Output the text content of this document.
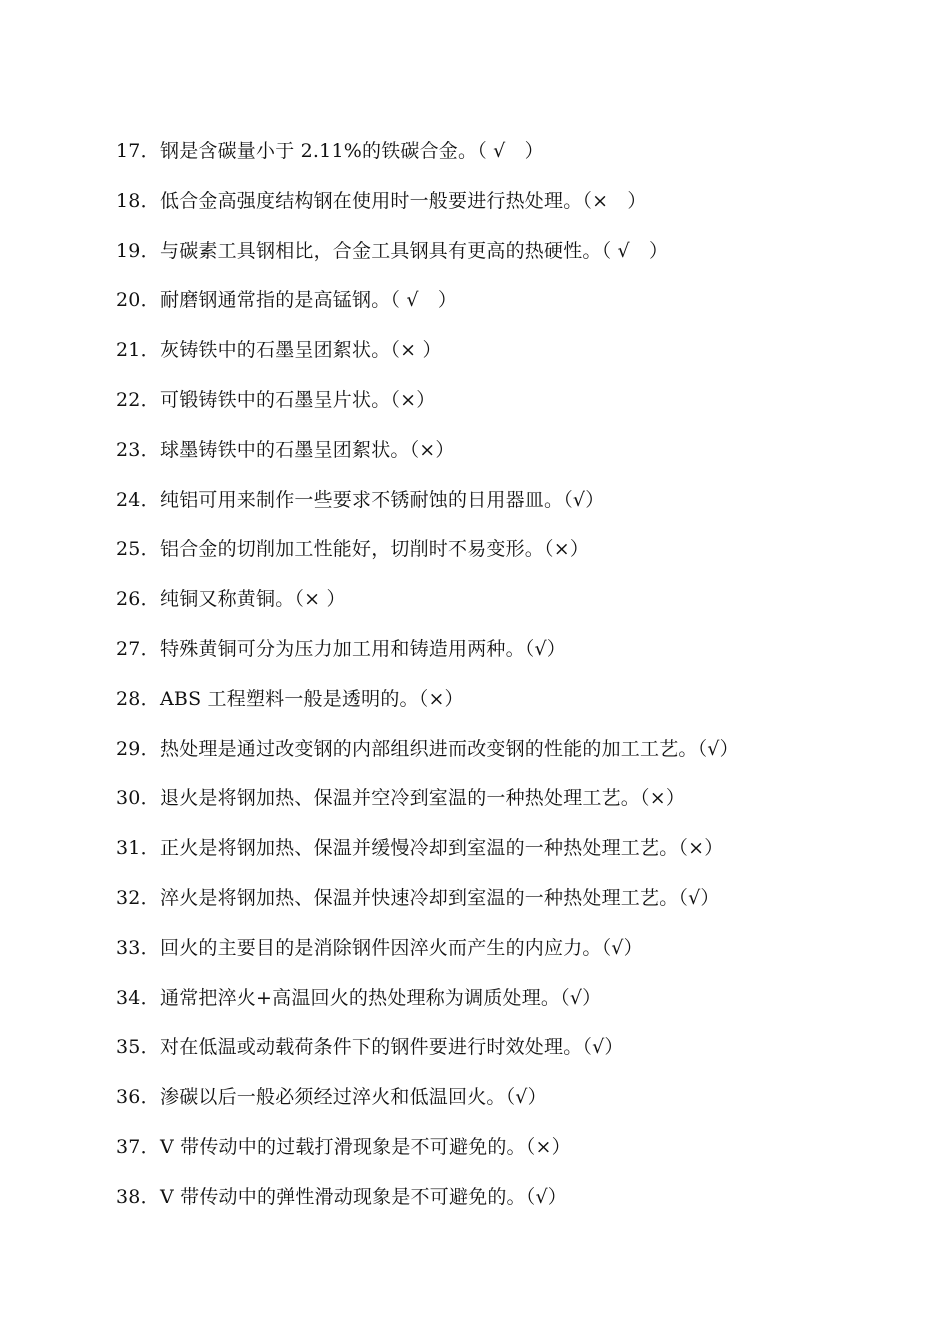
17．钢是含碳量小于 2.11%的铁碳合金。（ √　）
18．低合金高强度结构钢在使用时一般要进行热处理。（×　）
19．与碳素工具钢相比，合金工具钢具有更高的热硬性。（ √　）
20．耐磨钢通常指的是高锰钢。（ √　）
21．灰铸铁中的石墨呈团絮状。（× ）
22．可锻铸铁中的石墨呈片状。（×）
23．球墨铸铁中的石墨呈团絮状。（×）
24．纯铝可用来制作一些要求不锈耐蚀的日用器皿。（√）
25．铝合金的切削加工性能好，切削时不易变形。（×）
26．纯铜又称黄铜。（× ）
27．特殊黄铜可分为压力加工用和铸造用两种。（√）
28．ABS 工程塑料一般是透明的。（×）
29．热处理是通过改变钢的内部组织进而改变钢的性能的加工工艺。（√）
30．退火是将钢加热、保温并空冷到室温的一种热处理工艺。（×）
31．正火是将钢加热、保温并缓慢冷却到室温的一种热处理工艺。（×）
32．淬火是将钢加热、保温并快速冷却到室温的一种热处理工艺。（√）
33．回火的主要目的是消除钢件因淬火而产生的内应力。（√）
34．通常把淬火+高温回火的热处理称为调质处理。（√）
35．对在低温或动载荷条件下的钢件要进行时效处理。（√）
36．渗碳以后一般必须经过淬火和低温回火。（√）
37．V 带传动中的过载打滑现象是不可避免的。（×）
38．V 带传动中的弹性滑动现象是不可避免的。（√）
